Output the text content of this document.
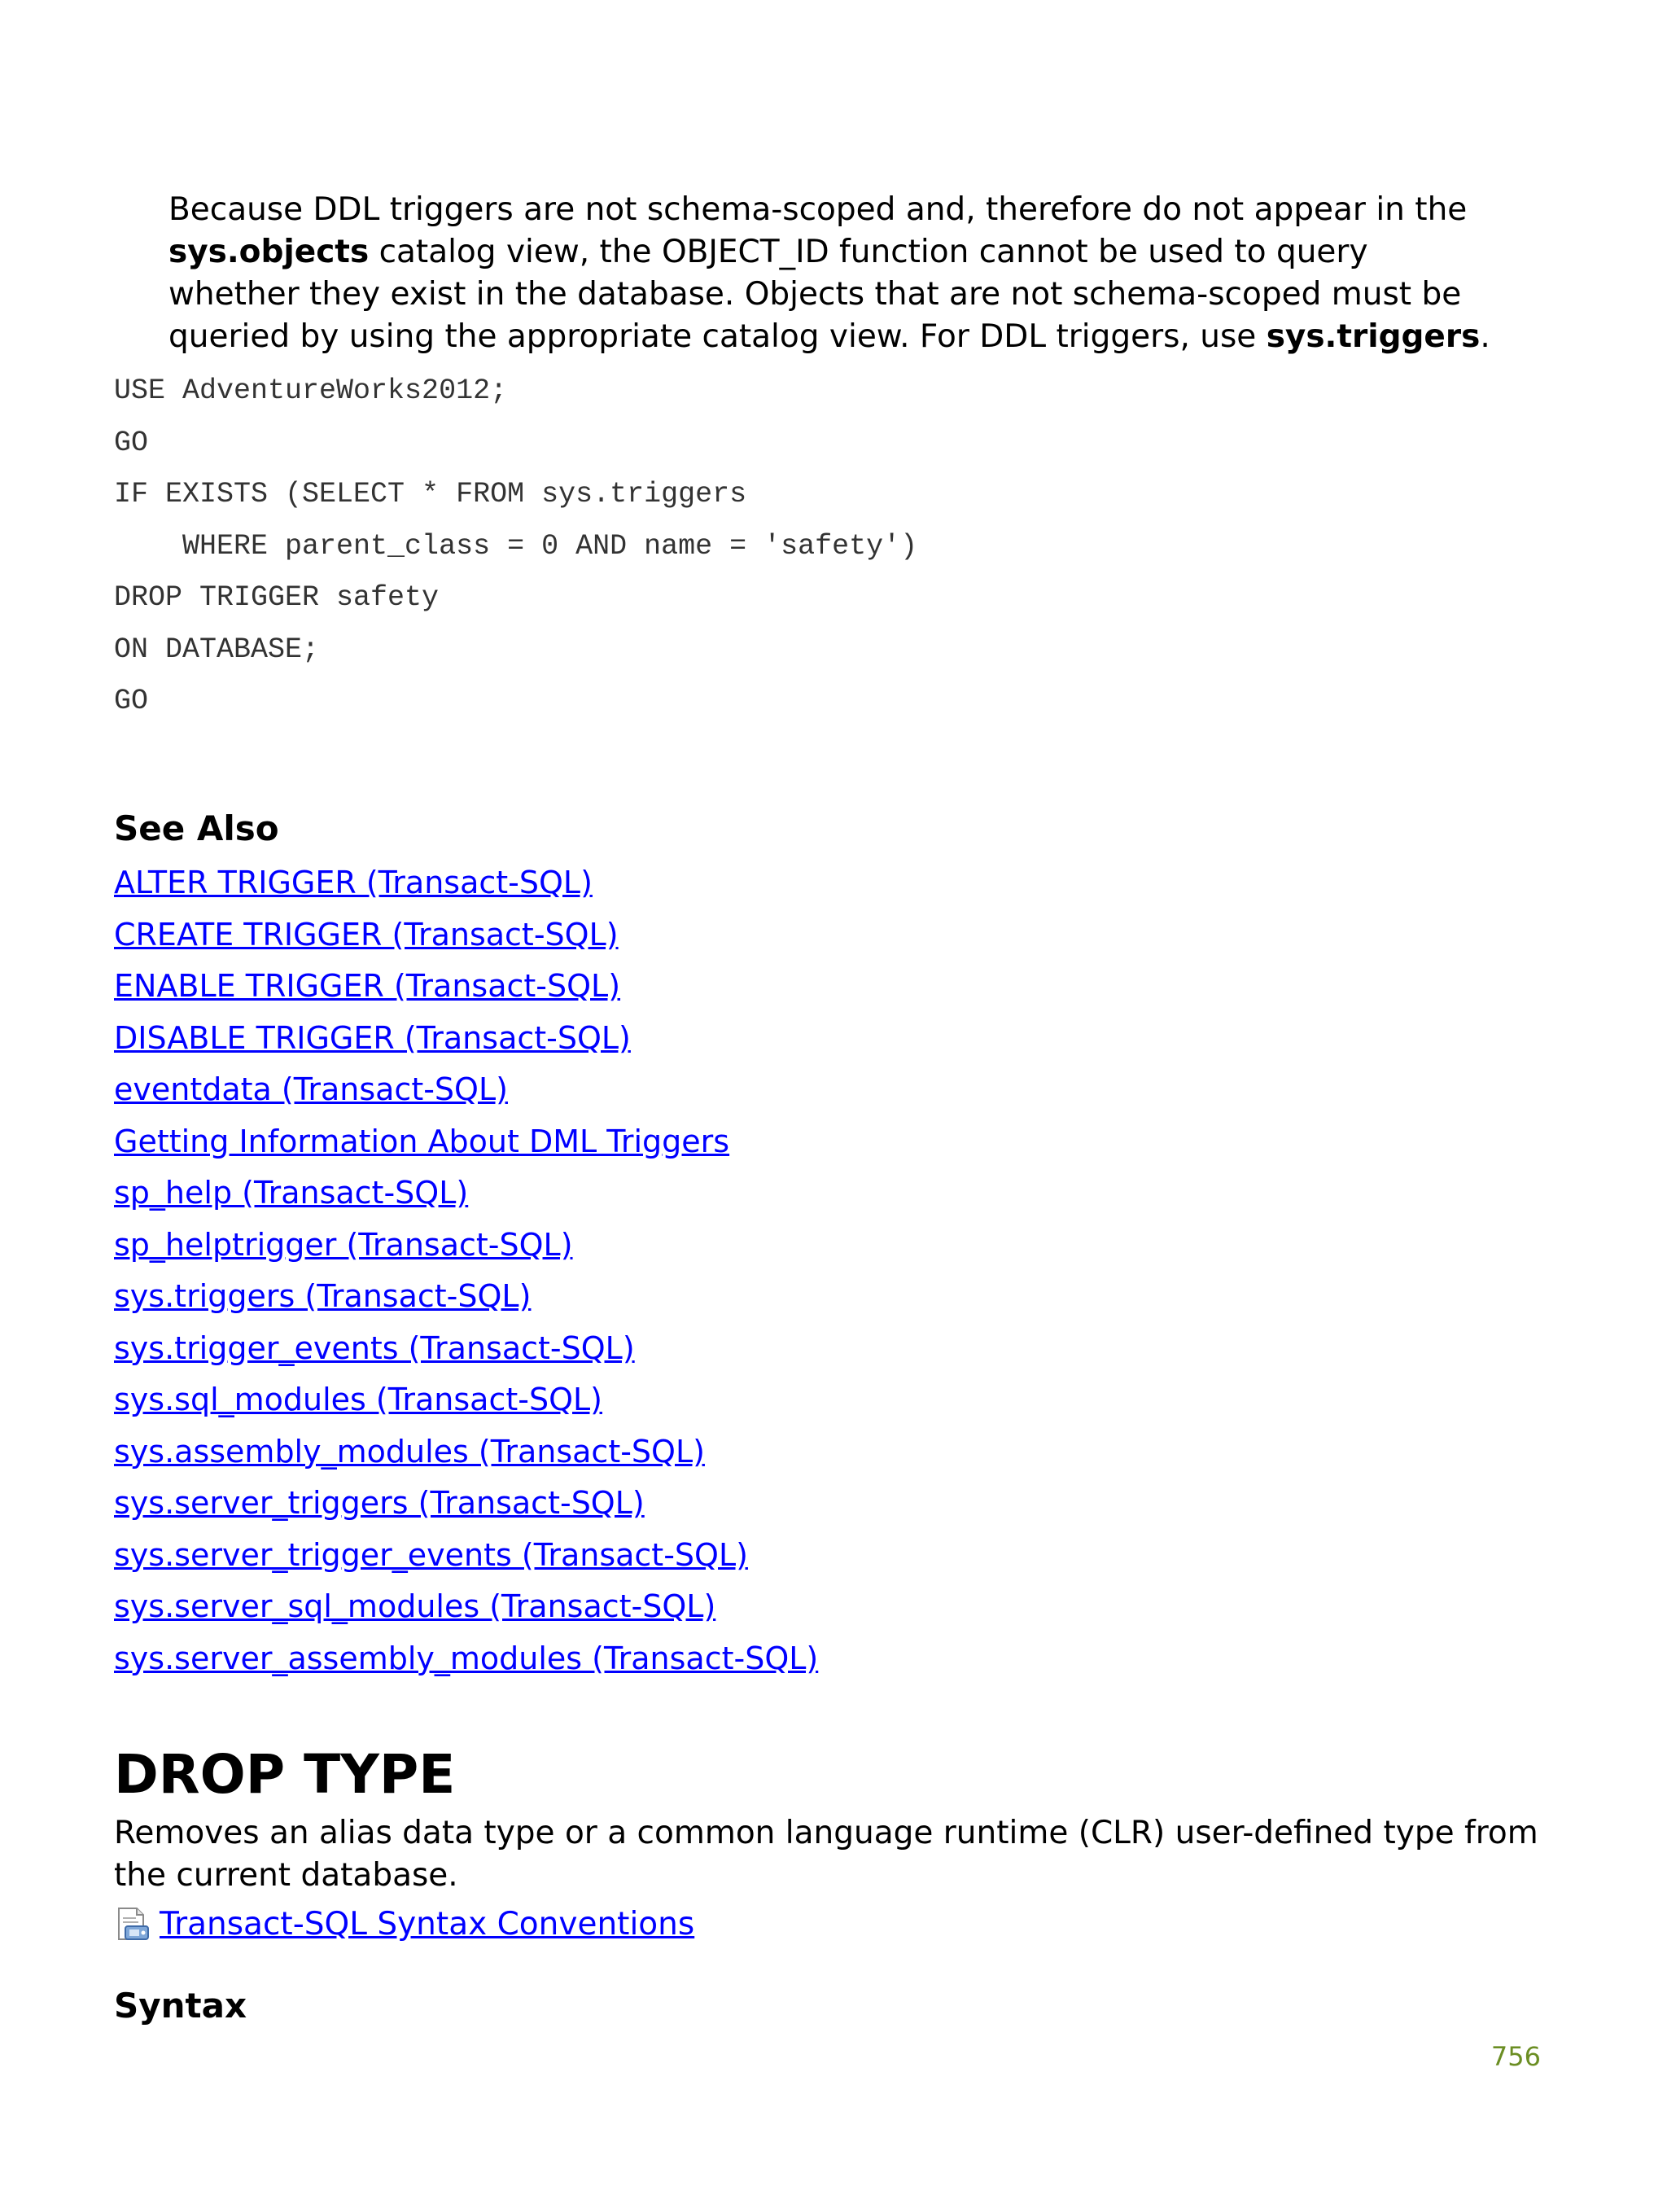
Because DDL triggers are not schema-scoped and, therefore do not appear in the sys.objects catalog view, the OBJECT_ID function cannot be used to query whether they exist in the database. Objects that are not schema-scoped must be queried by using the appropriate catalog view. For DDL triggers, use sys.triggers.

USE AdventureWorks2012;
GO
IF EXISTS (SELECT * FROM sys.triggers
WHERE parent_class = 0 AND name = 'safety')
DROP TRIGGER safety
ON DATABASE;
GO
See Also
ALTER TRIGGER (Transact-SQL)
CREATE TRIGGER (Transact-SQL)
ENABLE TRIGGER (Transact-SQL)
DISABLE TRIGGER (Transact-SQL)
eventdata (Transact-SQL)
Getting Information About DML Triggers
sp_help (Transact-SQL)
sp_helptrigger (Transact-SQL)
sys.triggers (Transact-SQL)
sys.trigger_events (Transact-SQL)
sys.sql_modules (Transact-SQL)
sys.assembly_modules (Transact-SQL)
sys.server_triggers (Transact-SQL)
sys.server_trigger_events (Transact-SQL)
sys.server_sql_modules (Transact-SQL)
sys.server_assembly_modules (Transact-SQL)
DROP TYPE

Removes an alias data type or a common language runtime (CLR) user-defined type from the current database.

Transact-SQL Syntax Conventions
Syntax
756
